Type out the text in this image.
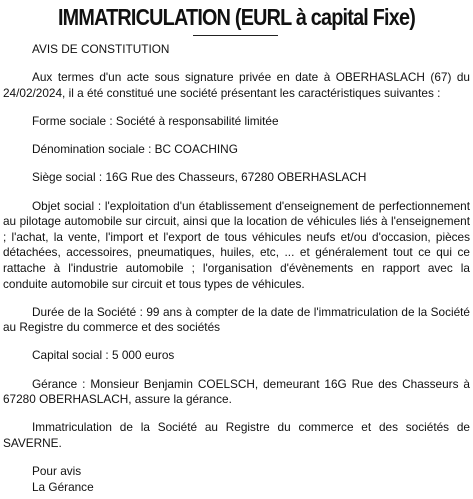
IMMATRICULATION (EURL à capital Fixe)

AVIS DE CONSTITUTION

Aux termes d'un acte sous signature privée en date à OBERHASLACH (67) du 24/02/2024, il a été constitué une société présentant les caractéristiques suivantes :

Forme sociale : Société à responsabilité limitée

Dénomination sociale : BC COACHING

Siège social : 16G Rue des Chasseurs, 67280 OBERHASLACH

Objet social : l'exploitation d'un établissement d'enseignement de perfectionnement au pilotage automobile sur circuit, ainsi que la location de véhicules liés à l'enseignement ; l'achat, la vente, l'import et l'export de tous véhicules neufs et/ou d'occasion, pièces détachées, accessoires, pneumatiques, huiles, etc, ... et généralement tout ce qui ce rattache à l'industrie automobile ; l'organisation d'évènements en rapport avec la conduite automobile sur circuit et tous types de véhicules.

Durée de la Société : 99 ans à compter de la date de l'immatriculation de la Société au Registre du commerce et des sociétés

Capital social : 5 000 euros

Gérance : Monsieur Benjamin COELSCH, demeurant 16G Rue des Chasseurs à 67280 OBERHASLACH, assure la gérance.

Immatriculation de la Société au Registre du commerce et des sociétés de SAVERNE.

Pour avis
La Gérance
